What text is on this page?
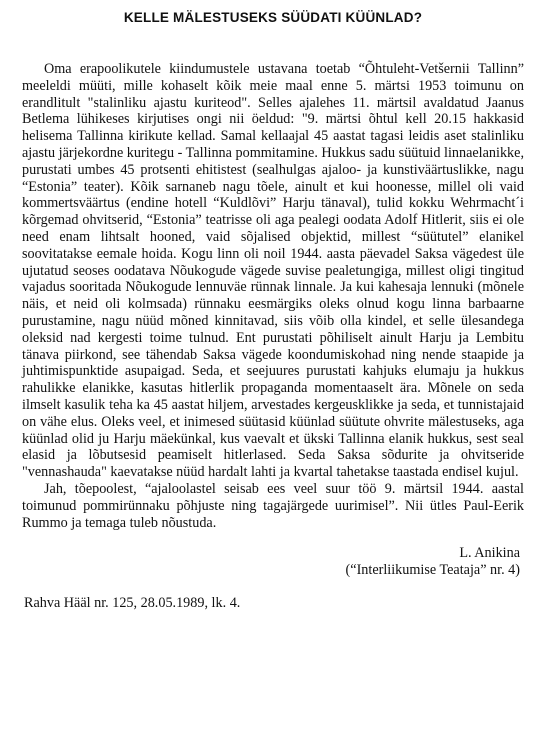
KELLE MÄLESTUSEKS SÜÜDATI KÜÜNLAD?

Oma erapoolikutele kiindumustele ustavana toetab “Õhtuleht-Vetšernii Tallinn” meeleldi müüti, mille kohaselt kõik meie maal enne 5. märtsi 1953 toimunu on erandlitult "stalinliku ajastu kuriteod". Selles ajalehes 11. märtsil avaldatud Jaanus Betlema lühikeses kirjutises ongi nii öeldud: "9. märtsi õhtul kell 20.15 hakkasid helisema Tallinna kirikute kellad. Samal kellaajal 45 aastat tagasi leidis aset stalinliku ajastu järjekordne kuritegu - Tallinna pommitamine. Hukkus sadu süütuid linnaelanikke, purustati umbes 45 protsenti ehitistest (sealhulgas ajaloo- ja kunstiväärtuslikke, nagu “Estonia” teater). Kõik sarnaneb nagu tõele, ainult et kui hoonesse, millel oli vaid kommertsväärtus (endine hotell “Kuldlõvi” Harju tänaval), tulid kokku Wehrmacht´i kõrgemad ohvitserid, “Estonia” teatrisse oli aga pealegi oodata Adolf Hitlerit, siis ei ole need enam lihtsalt hooned, vaid sõjalised objektid, millest “süütutel” elanikel soovitatakse eemale hoida. Kogu linn oli noil 1944. aasta päevadel Saksa vägedest üle ujutatud seoses oodatava Nõukogude vägede suvise pealetungiga, millest oligi tingitud vajadus sooritada Nõukogude lennuväe rünnak linnale. Ja kui kahesaja lennuki (mõnele näis, et neid oli kolmsada) rünnaku eesmärgiks oleks olnud kogu linna barbaarne purustamine, nagu nüüd mõned kinnitavad, siis võib olla kindel, et selle ülesandega oleksid nad kergesti toime tulnud. Ent purustati põhiliselt ainult Harju ja Lembitu tänava piirkond, see tähendab Saksa vägede koondumiskohad ning nende staapide ja juhtimispunktide asupaigad. Seda, et seejuures purustati kahjuks elumaju ja hukkus rahulikke elanikke, kasutas hitlerlik propaganda momentaaselt ära. Mõnele on seda ilmselt kasulik teha ka 45 aastat hiljem, arvestades kergeusklikke ja seda, et tunnistajaid on vähe elus. Oleks veel, et inimesed süütasid küünlad süütute ohvrite mälestuseks, aga küünlad olid ju Harju mäekünkal, kus vaevalt et ükski Tallinna elanik hukkus, sest seal elasid ja lõbutsesid peamiselt hitlerlased. Seda Saksa sõdurite ja ohvitseride "vennashauda" kaevatakse nüüd hardalt lahti ja kvartal tahetakse taastada endisel kujul.

Jah, tõepoolest, “ajaloolastel seisab ees veel suur töö 9. märtsil 1944. aastal toimunud pommirünnaku põhjuste ning tagajärgede uurimisel”. Nii ütles Paul-Eerik Rummo ja temaga tuleb nõustuda.

L. Anikina
(“Interliikumise Teataja” nr. 4)
Rahva Hääl nr. 125, 28.05.1989, lk. 4.
